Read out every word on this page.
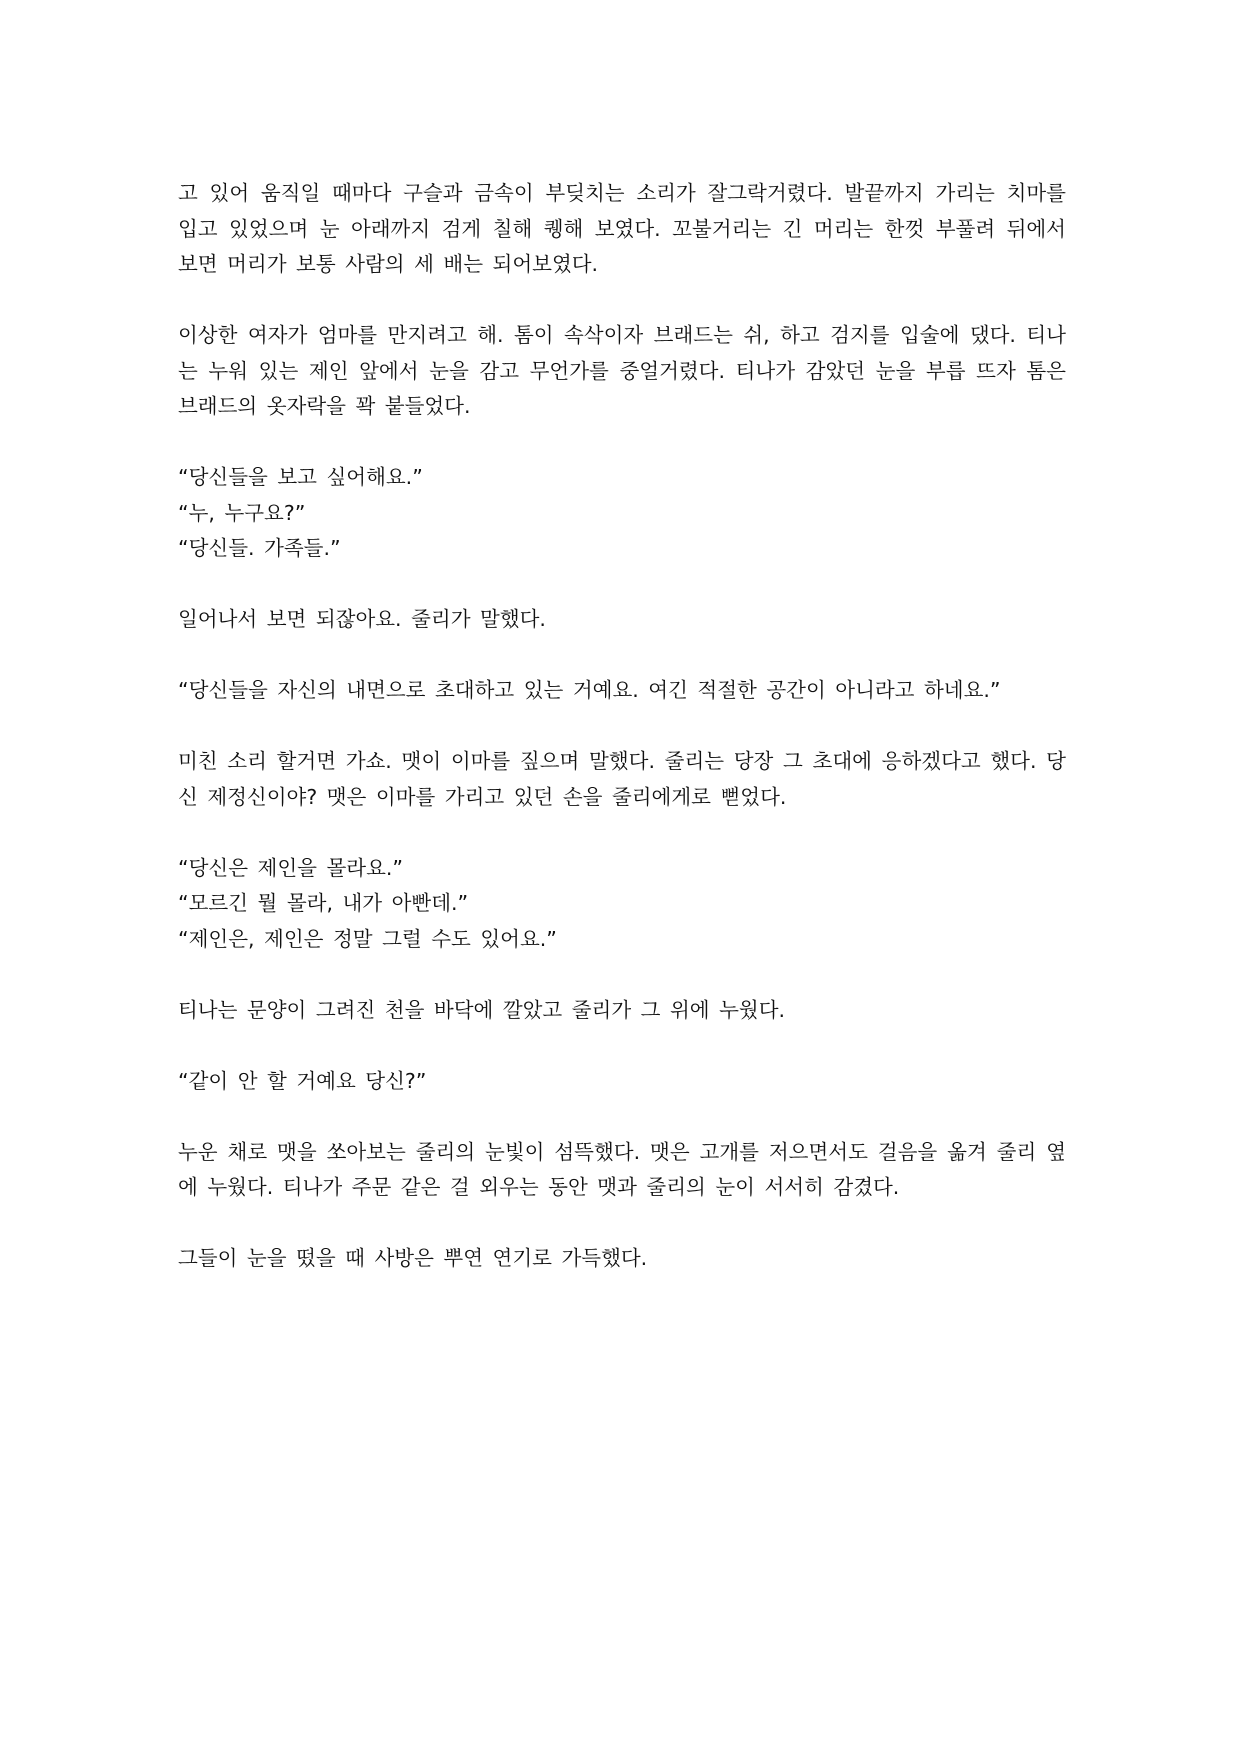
고 있어 움직일 때마다 구슬과 금속이 부딪치는 소리가 잘그락거렸다. 발끝까지 가리는 치마를 입고 있었으며 눈 아래까지 검게 칠해 퀭해 보였다. 꼬불거리는 긴 머리는 한껏 부풀려 뒤에서 보면 머리가 보통 사람의 세 배는 되어보였다.

이상한 여자가 엄마를 만지려고 해. 톰이 속삭이자 브래드는 쉬, 하고 검지를 입술에 댔다. 티나는 누워 있는 제인 앞에서 눈을 감고 무언가를 중얼거렸다. 티나가 감았던 눈을 부릅 뜨자 톰은 브래드의 옷자락을 꽉 붙들었다.

“당신들을 보고 싶어해요.”
“누, 누구요?”
“당신들. 가족들.”

일어나서 보면 되잖아요. 줄리가 말했다.

“당신들을 자신의 내면으로 초대하고 있는 거예요. 여긴 적절한 공간이 아니라고 하네요.”

미친 소리 할거면 가쇼. 맷이 이마를 짚으며 말했다. 줄리는 당장 그 초대에 응하겠다고 했다. 당신 제정신이야? 맷은 이마를 가리고 있던 손을 줄리에게로 뻗었다.

“당신은 제인을 몰라요.”
“모르긴 뭘 몰라, 내가 아빤데.”
“제인은, 제인은 정말 그럴 수도 있어요.”

티나는 문양이 그려진 천을 바닥에 깔았고 줄리가 그 위에 누웠다.

“같이 안 할 거예요 당신?”

누운 채로 맷을 쏘아보는 줄리의 눈빛이 섬뜩했다. 맷은 고개를 저으면서도 걸음을 옮겨 줄리 옆에 누웠다. 티나가 주문 같은 걸 외우는 동안 맷과 줄리의 눈이 서서히 감겼다.

그들이 눈을 떴을 때 사방은 뿌연 연기로 가득했다.
